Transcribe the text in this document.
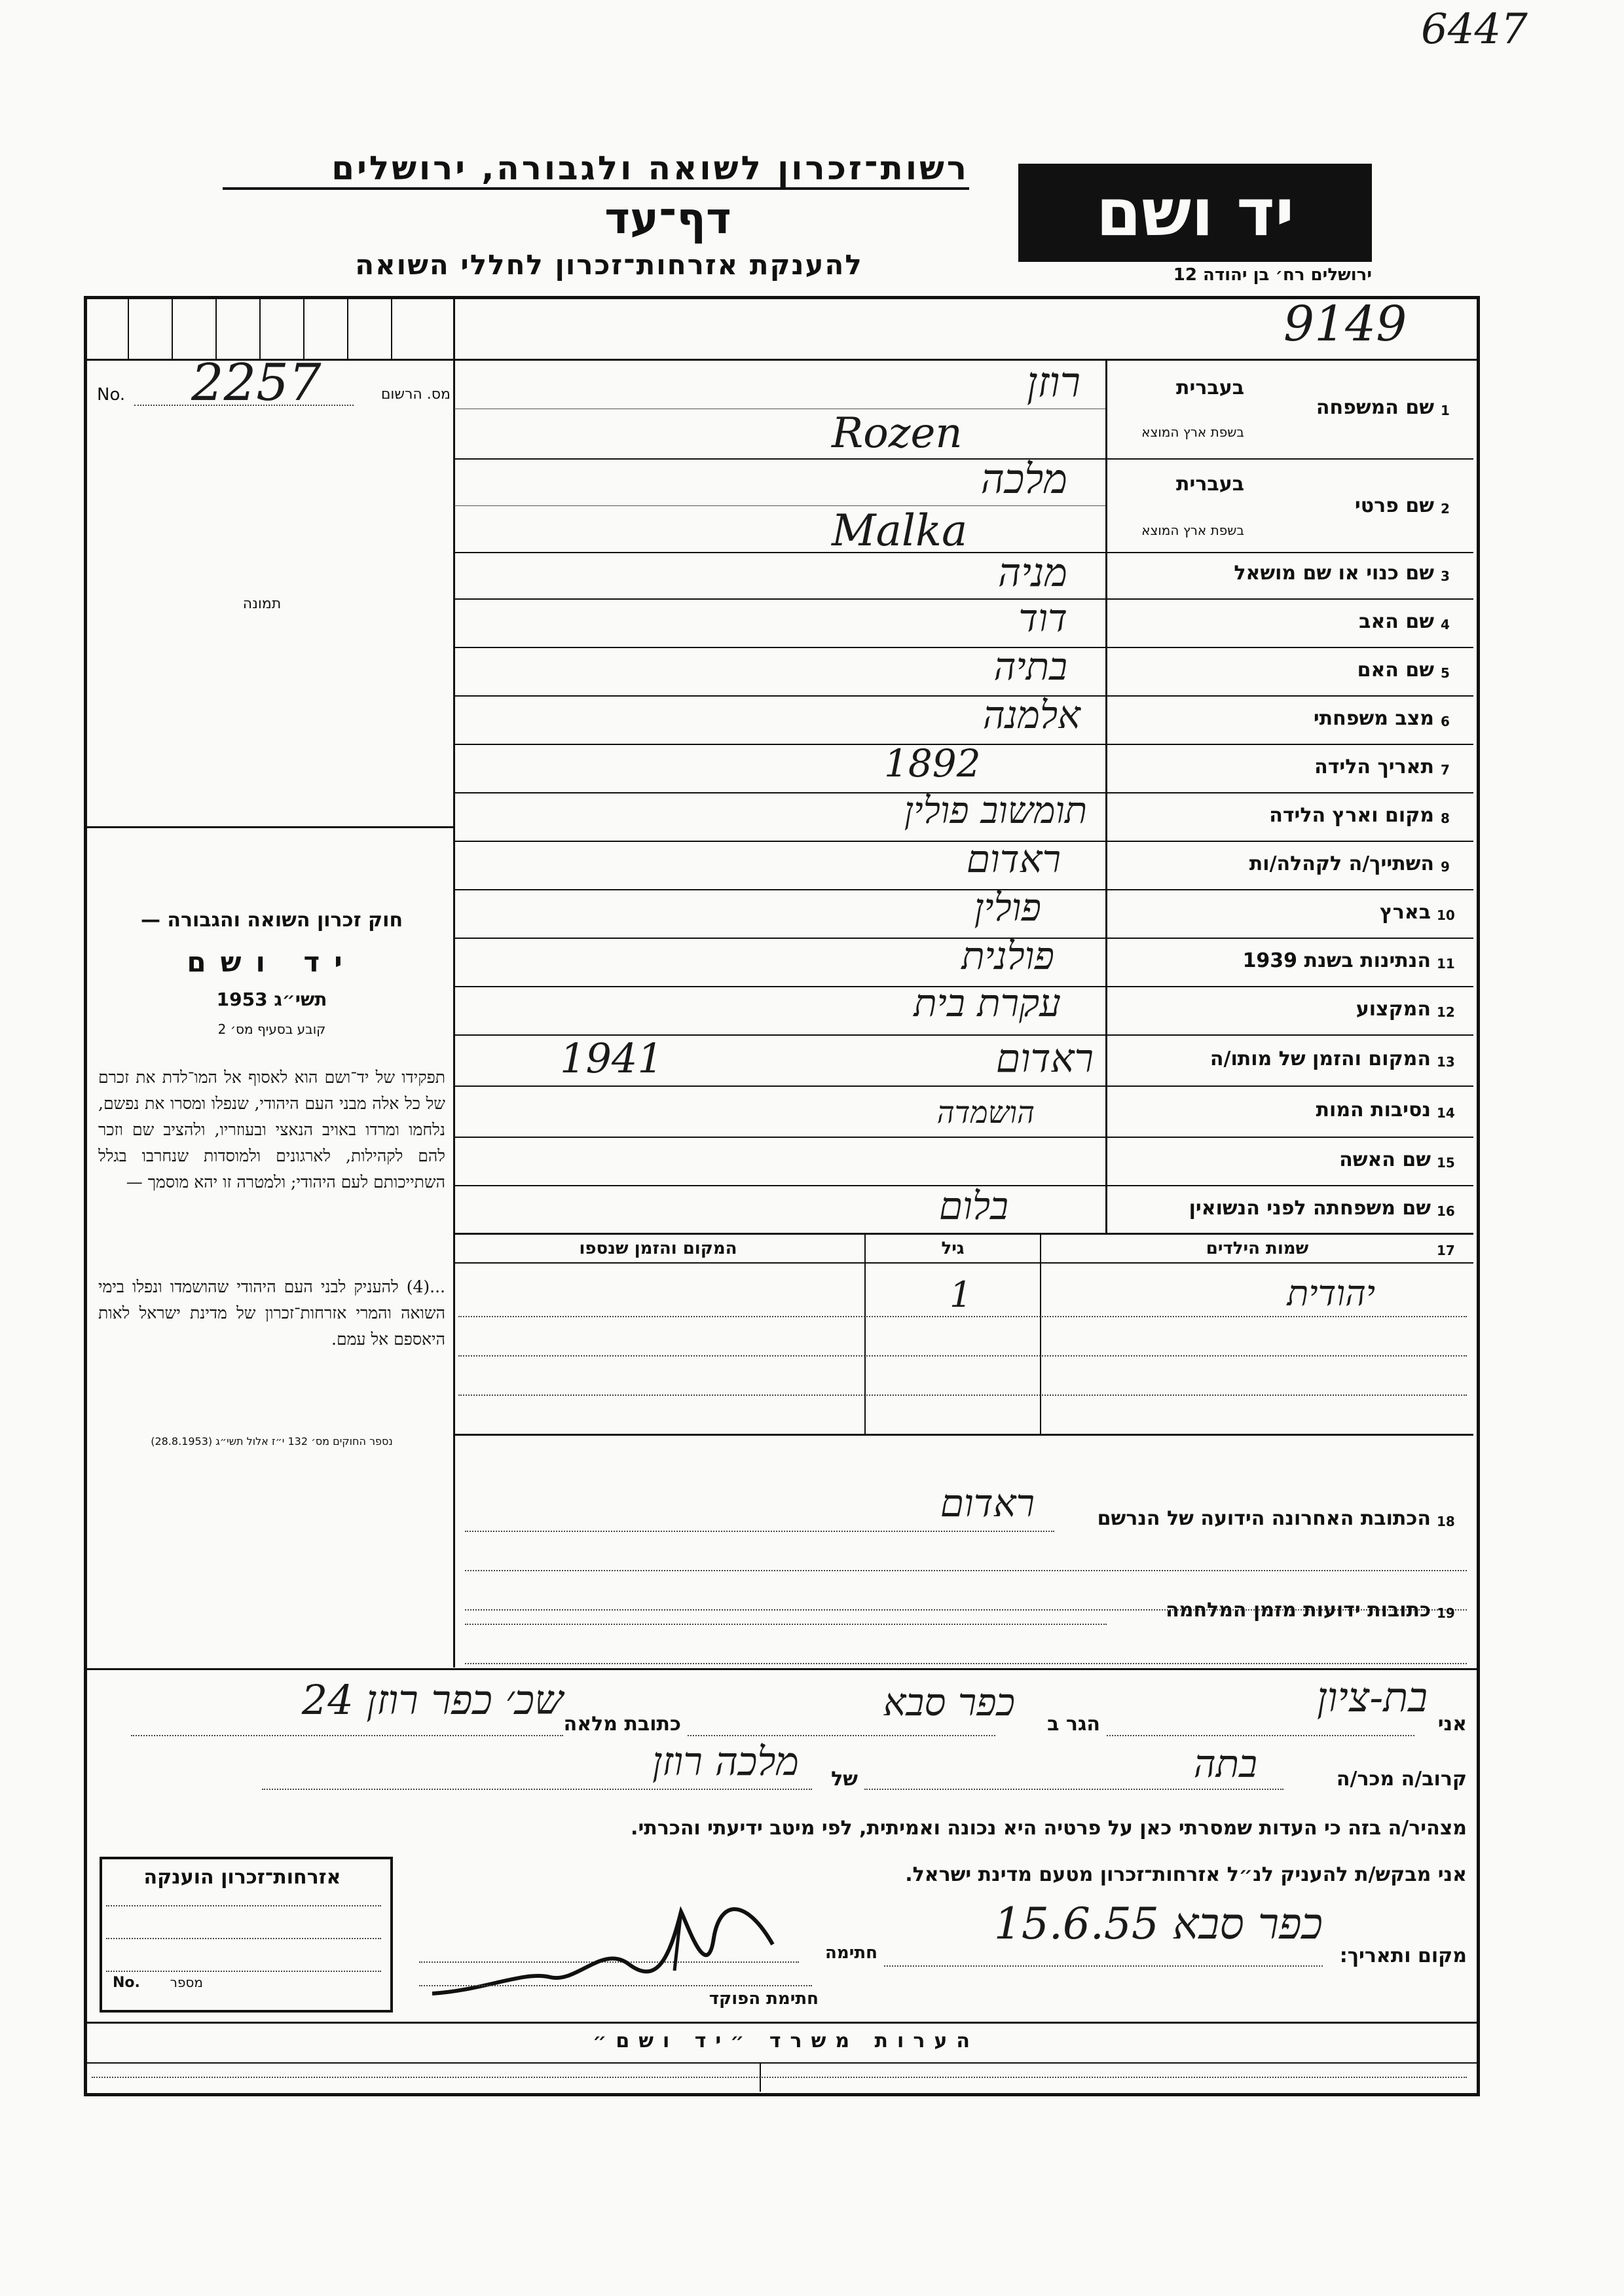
6447
רשות־זכרון לשואה ולגבורה, ירושלים
דף־עד
להענקת אזרחות־זכרון לחללי השואה
יד ושם
ירושלים רח׳ בן יהודה 12
9149
No. 2257	מס. הרשום
תמונה
1
שם המשפחה
בעברית
בשפת ארץ המוצא
רוזן
Rozen
2
שם פרטי
בעברית
בשפת ארץ המוצא
מלכה
Malka
3
שם כנוי או שם מושאל
מניה
4
שם האב
דוד
5
שם האם
בתיה
6
מצב משפחתי
אלמנה
7
תאריך הלידה
1892
8
מקום וארץ הלידה
תומשוב פולין
9
השתייך/ה לקהלה/ות
ראדום
10
בארץ
פולין
11
הנתינות בשנת 1939
פולנית
12
המקצוע
עקרת בית
13
המקום והזמן של מותו/ה
ראדום
1941
14
נסיבות המות
הושמדה
15
שם האשה
16
שם משפחתה לפני הנשואין
בלום
חוק זכרון השואה והגבורה —
יד ושם
תשי״ג 1953
קובע בסעיף מס׳ 2
תפקידו של יד־ושם הוא לאסוף אל המו־לדת את זכרם של כל אלה מבני העם היהודי, שנפלו ומסרו את נפשם, נלחמו ומרדו באויב הנאצי ובעוזריו, ולהציב שם וזכר להם לקהילות, לארגונים ולמוסדות שנחרבו בגלל השתייכותם לעם היהודי; ולמטרה זו יהא מוסמך —
...(4) להעניק לבני העם היהודי שהושמדו ונפלו בימי השואה והמרי אזרחות־זכרון של מדינת ישראל לאות היאספם אל עמם.
נספר החוקים מס׳ 132 י״ז אלול תשי״ג (28.8.1953)
17
שמות הילדים
גיל
המקום והזמן שנספו
יהודית
1
18
הכתובת האחרונה הידועה של הנרשם
ראדום
19
כתובות ידועות מזמן המלחמה
אני
בת-ציון
הגר ב
כפר סבא
כתובת מלאה
שכ׳ כפר רוזן 24
קרוב/ה מכר/ה
בתה
של
מלכה רוזן
מצהיר/ה בזה כי העדות שמסרתי כאן על פרטיה היא נכונה ואמיתית, לפי מיטב ידיעתי והכרתי.
אני מבקש/ת להעניק לנ״ל אזרחות־זכרון מטעם מדינת ישראל.
מקום ותאריך:
כפר סבא 15.6.55
חתימה
חתימת הפוקד
אזרחות־זכרון הוענקה
No.	מספר
הערות משרד ״יד ושם״
